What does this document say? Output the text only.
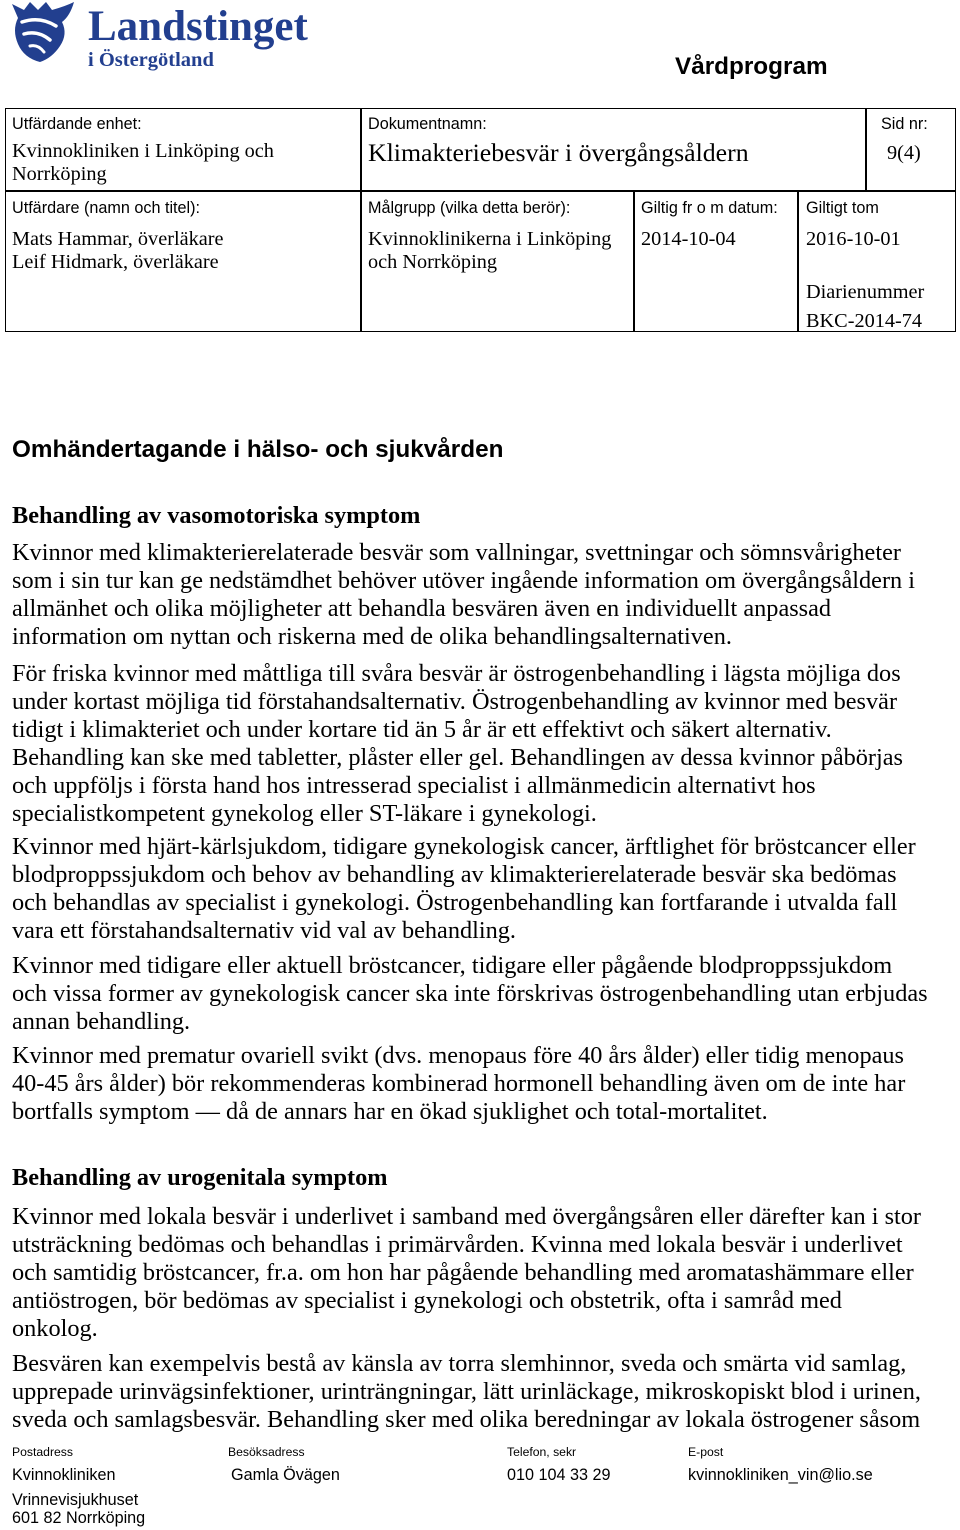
Landstinget
i Östergötland	Vårdprogram
Utfärdande enhet:
Kvinnokliniken i Linköping och
Norrköping
Dokumentnamn:
Klimakteriebesvär i övergångsåldern
Sid nr:
9(4)
Utfärdare (namn och titel):
Mats Hammar, överläkare
Leif Hidmark, överläkare
Målgrupp (vilka detta berör):
Kvinnoklinikerna i Linköping
och Norrköping
Giltig fr o m datum:
2014-10-04
Giltigt tom
2016-10-01
Diarienummer
BKC-2014-74
Omhändertagande i hälso- och sjukvården
Behandling av vasomotoriska symptom
Kvinnor med klimakterierelaterade besvär som vallningar, svettningar och sömnsvårigheter
som i sin tur kan ge nedstämdhet behöver utöver ingående information om övergångsåldern i
allmänhet och olika möjligheter att behandla besvären även en individuellt anpassad
information om nyttan och riskerna med de olika behandlingsalternativen.
För friska kvinnor med måttliga till svåra besvär är östrogenbehandling i lägsta möjliga dos
under kortast möjliga tid förstahandsalternativ. Östrogenbehandling av kvinnor med besvär
tidigt i klimakteriet och under kortare tid än 5 år är ett effektivt och säkert alternativ.
Behandling kan ske med tabletter, plåster eller gel. Behandlingen av dessa kvinnor påbörjas
och uppföljs i första hand hos intresserad specialist i allmänmedicin alternativt hos
specialistkompetent gynekolog eller ST-läkare i gynekologi.
Kvinnor med hjärt-kärlsjukdom, tidigare gynekologisk cancer, ärftlighet för bröstcancer eller
blodproppssjukdom och behov av behandling av klimakterierelaterade besvär ska bedömas
och behandlas av specialist i gynekologi. Östrogenbehandling kan fortfarande i utvalda fall
vara ett förstahandsalternativ vid val av behandling.
Kvinnor med tidigare eller aktuell bröstcancer, tidigare eller pågående blodproppssjukdom
och vissa former av gynekologisk cancer ska inte förskrivas östrogenbehandling utan erbjudas
annan behandling.
Kvinnor med prematur ovariell svikt (dvs. menopaus före 40 års ålder) eller tidig menopaus
40-45 års ålder) bör rekommenderas kombinerad hormonell behandling även om de inte har
bortfalls symptom — då de annars har en ökad sjuklighet och total-mortalitet.
Behandling av urogenitala symptom
Kvinnor med lokala besvär i underlivet i samband med övergångsåren eller därefter kan i stor
utsträckning bedömas och behandlas i primärvården. Kvinna med lokala besvär i underlivet
och samtidig bröstcancer, fr.a. om hon har pågående behandling med aromatashämmare eller
antiöstrogen, bör bedömas av specialist i gynekologi och obstetrik, ofta i samråd med
onkolog.
Besvären kan exempelvis bestå av känsla av torra slemhinnor, sveda och smärta vid samlag,
upprepade urinvägsinfektioner, urinträngningar, lätt urinläckage, mikroskopiskt blod i urinen,
sveda och samlagsbesvär. Behandling sker med olika beredningar av lokala östrogener såsom
Postadress	Besöksadress	Telefon, sekr	E-post
Kvinnokliniken	Gamla Övägen	010 104 33 29	kvinnokliniken_vin@lio.se
Vrinnevisjukhuset
601 82 Norrköping
